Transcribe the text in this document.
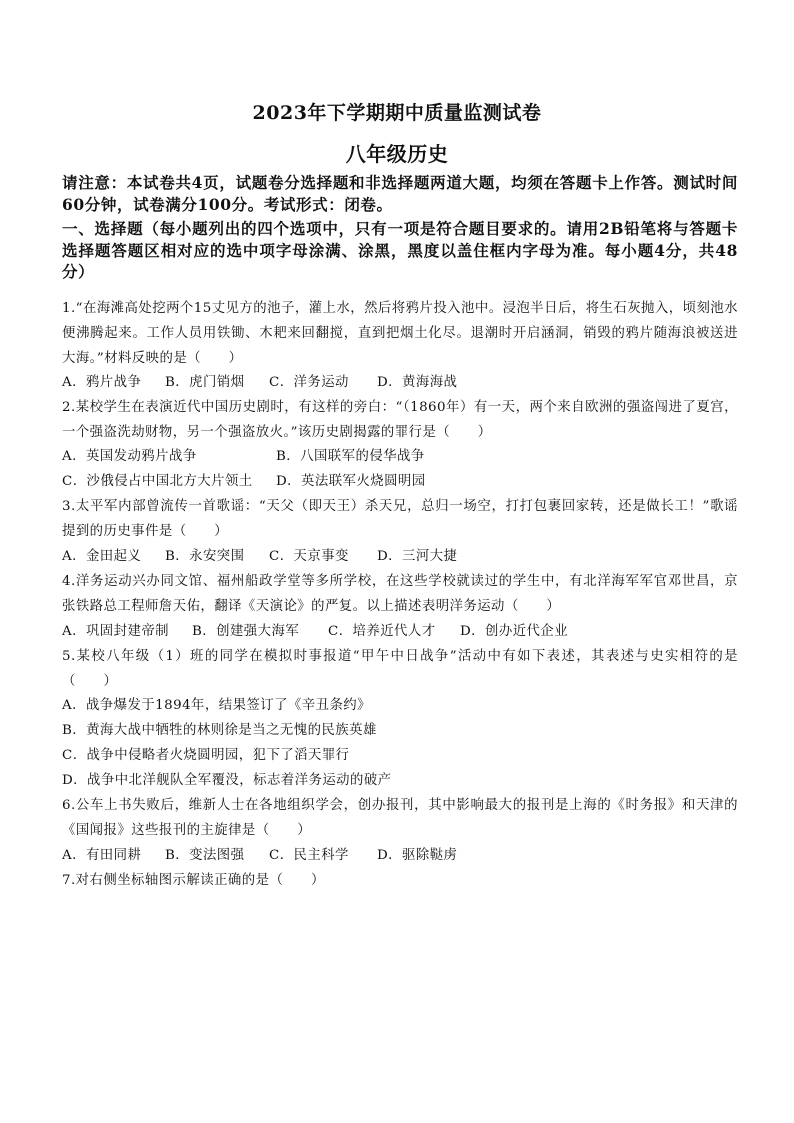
2023年下学期期中质量监测试卷
八年级历史
请注意：本试卷共4页，试题卷分选择题和非选择题两道大题，均须在答题卡上作答。测试时间60分钟，试卷满分100分。考试形式：闭卷。
一、选择题（每小题列出的四个选项中，只有一项是符合题目要求的。请用2B铅笔将与答题卡选择题答题区相对应的选中项字母涂满、涂黑，黑度以盖住框内字母为准。每小题4分，共48分）
1.“在海滩高处挖两个15丈见方的池子，灌上水，然后将鸦片投入池中。浸泡半日后，将生石灰抛入，顷刻池水便沸腾起来。工作人员用铁锄、木耙来回翻搅，直到把烟土化尽。退潮时开启涵洞，销毁的鸦片随海浪被送进大海。”材料反映的是（　　）
A．鸦片战争 B．虎门销烟 C．洋务运动 D．黄海海战
2.某校学生在表演近代中国历史剧时，有这样的旁白：“（1860年）有一天，两个来自欧洲的强盗闯进了夏宫，一个强盗洗劫财物，另一个强盗放火。”该历史剧揭露的罪行是（　　）
A．英国发动鸦片战争	B．八国联军的侵华战争
C．沙俄侵占中国北方大片领土 D．英法联军火烧圆明园
3.太平军内部曾流传一首歌谣：“天父（即天王）杀天兄，总归一场空，打打包裹回家转，还是做长工！”歌谣提到的历史事件是（　　）
A．金田起义 B．永安突围 C．天京事变 D．三河大捷
4.洋务运动兴办同文馆、福州船政学堂等多所学校，在这些学校就读过的学生中，有北洋海军军官邓世昌，京张铁路总工程师詹天佑，翻译《天演论》的严复。以上描述表明洋务运动（　　）
A．巩固封建帝制 B．创建强大海军 C．培养近代人才 D．创办近代企业
5.某校八年级（1）班的同学在模拟时事报道“甲午中日战争”活动中有如下表述，其表述与史实相符的是（　　）
A．战争爆发于1894年，结果签订了《辛丑条约》
B．黄海大战中牺牲的林则徐是当之无愧的民族英雄
C．战争中侵略者火烧圆明园，犯下了滔天罪行
D．战争中北洋舰队全军覆没，标志着洋务运动的破产
6.公车上书失败后，维新人士在各地组织学会，创办报刊，其中影响最大的报刊是上海的《时务报》和天津的《国闻报》这些报刊的主旋律是（　　）
A．有田同耕 B．变法图强 C．民主科学 D．驱除鞑虏
7.对右侧坐标轴图示解读正确的是（　　）
